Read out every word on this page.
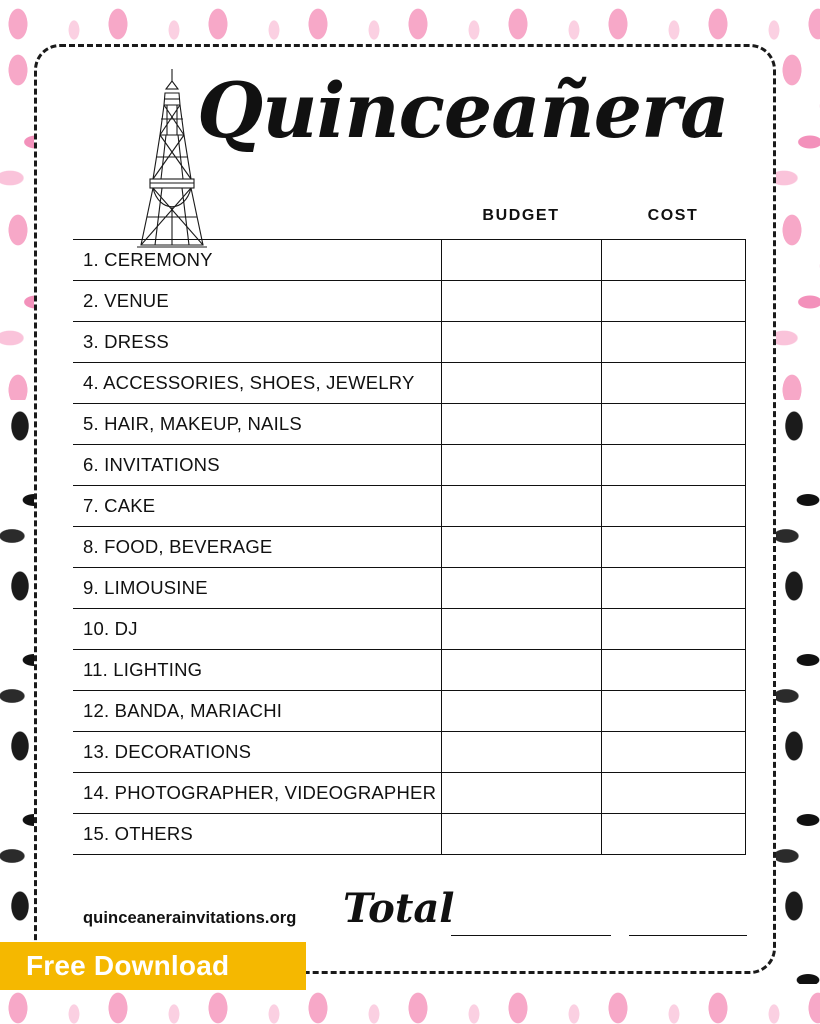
Quinceañera
	BUDGET	COST
1. CEREMONY		
2. VENUE		
3. DRESS		
4. ACCESSORIES, SHOES, JEWELRY		
5. HAIR, MAKEUP, NAILS		
6. INVITATIONS		
7. CAKE		
8. FOOD, BEVERAGE		
9. LIMOUSINE		
10. DJ		
11. LIGHTING		
12. BANDA, MARIACHI		
13. DECORATIONS		
14. PHOTOGRAPHER, VIDEOGRAPHER		
15. OTHERS		
quinceanerainvitations.org Total
Free Download
